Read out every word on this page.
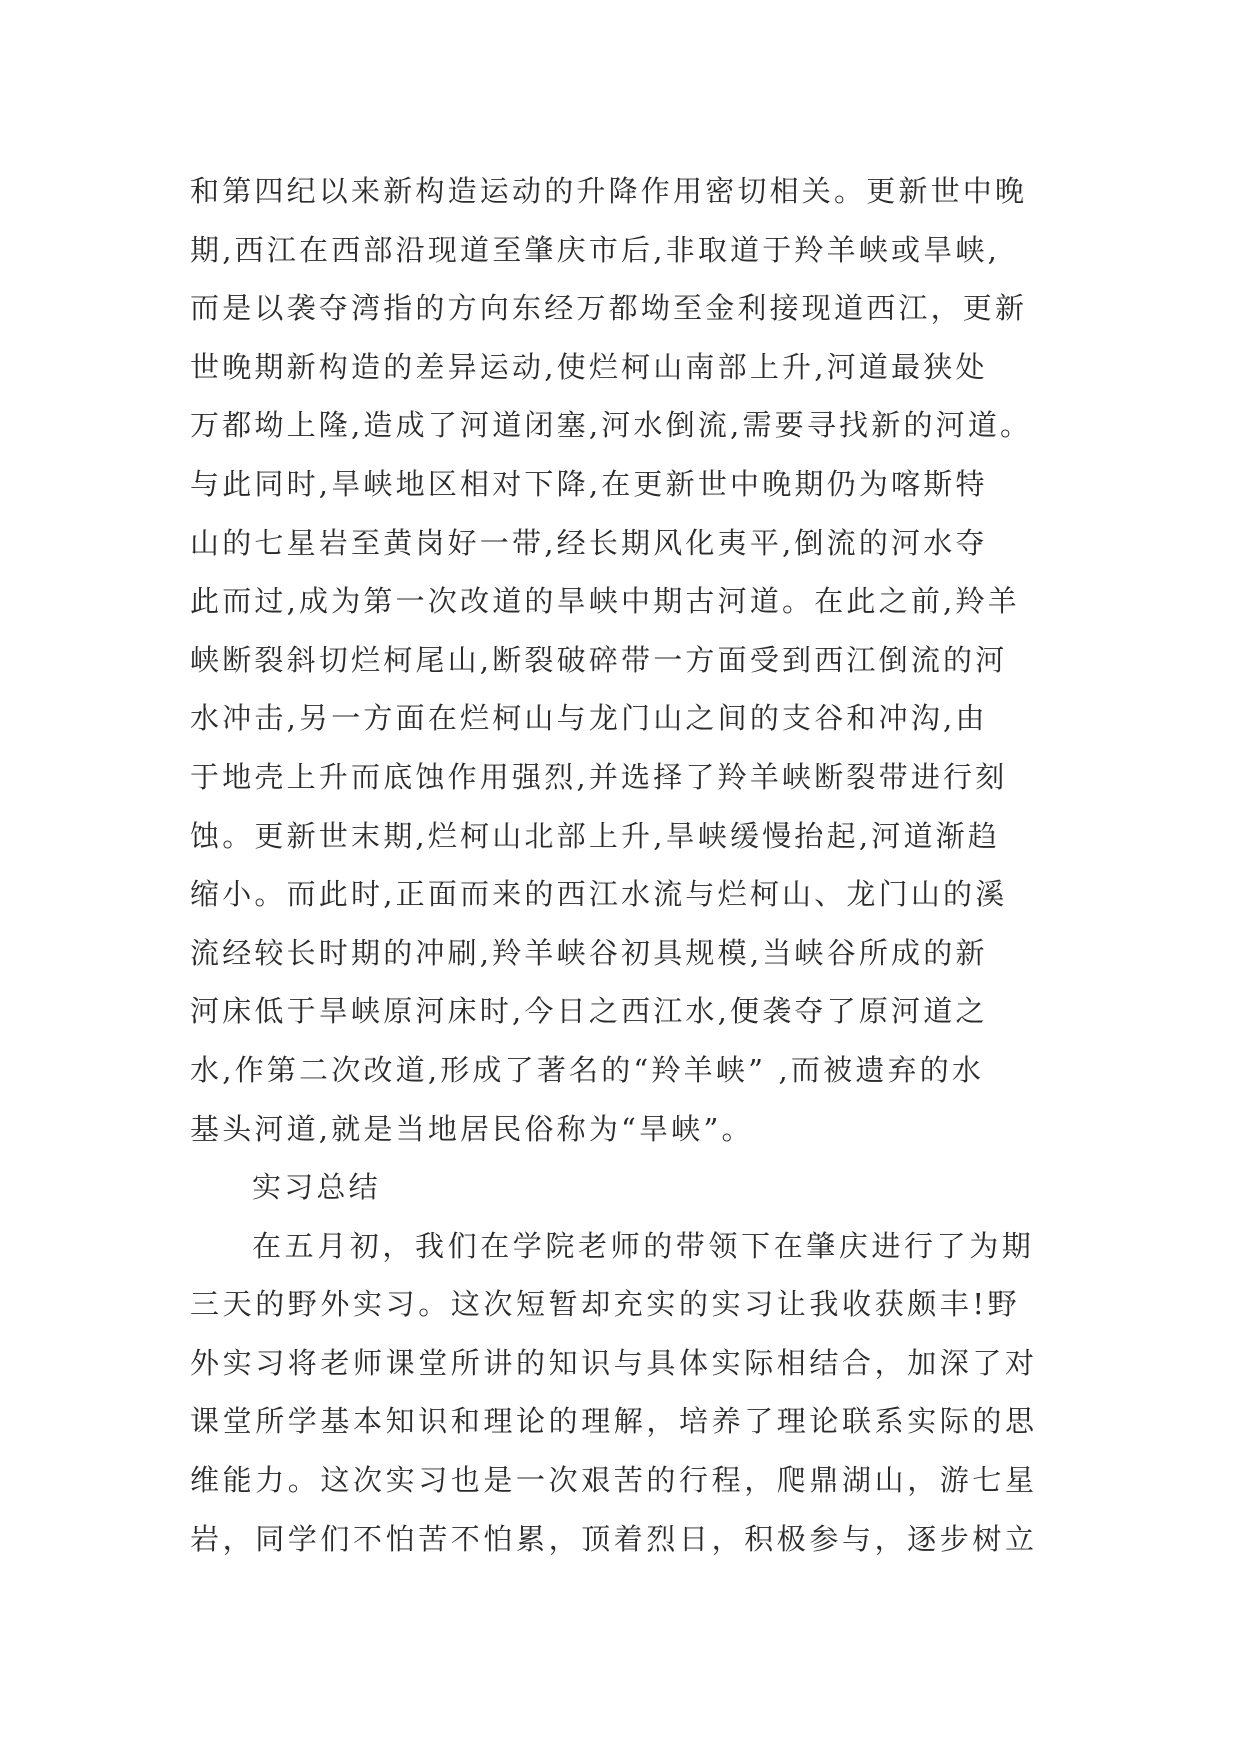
和第四纪以来新构造运动的升降作用密切相关。更新世中晚
期,西江在西部沿现道至肇庆市后,非取道于羚羊峡或旱峡,
而是以袭夺湾指的方向东经万都坳至金利接现道西江，更新
世晚期新构造的差异运动,使烂柯山南部上升,河道最狭处
万都坳上隆,造成了河道闭塞,河水倒流,需要寻找新的河道。
与此同时,旱峡地区相对下降,在更新世中晚期仍为喀斯特
山的七星岩至黄岗好一带,经长期风化夷平,倒流的河水夺
此而过,成为第一次改道的旱峡中期古河道。在此之前,羚羊
峡断裂斜切烂柯尾山,断裂破碎带一方面受到西江倒流的河
水冲击,另一方面在烂柯山与龙门山之间的支谷和冲沟,由
于地壳上升而底蚀作用强烈,并选择了羚羊峡断裂带进行刻
蚀。更新世末期,烂柯山北部上升,旱峡缓慢抬起,河道渐趋
缩小。而此时,正面而来的西江水流与烂柯山、龙门山的溪
流经较长时期的冲刷,羚羊峡谷初具规模,当峡谷所成的新
河床低于旱峡原河床时,今日之西江水,便袭夺了原河道之
水,作第二次改道,形成了著名的“羚羊峡” ,而被遗弃的水
基头河道,就是当地居民俗称为“旱峡”。
实习总结
在五月初，我们在学院老师的带领下在肇庆进行了为期
三天的野外实习。这次短暂却充实的实习让我收获颇丰!野
外实习将老师课堂所讲的知识与具体实际相结合，加深了对
课堂所学基本知识和理论的理解，培养了理论联系实际的思
维能力。这次实习也是一次艰苦的行程，爬鼎湖山，游七星
岩，同学们不怕苦不怕累，顶着烈日，积极参与，逐步树立
